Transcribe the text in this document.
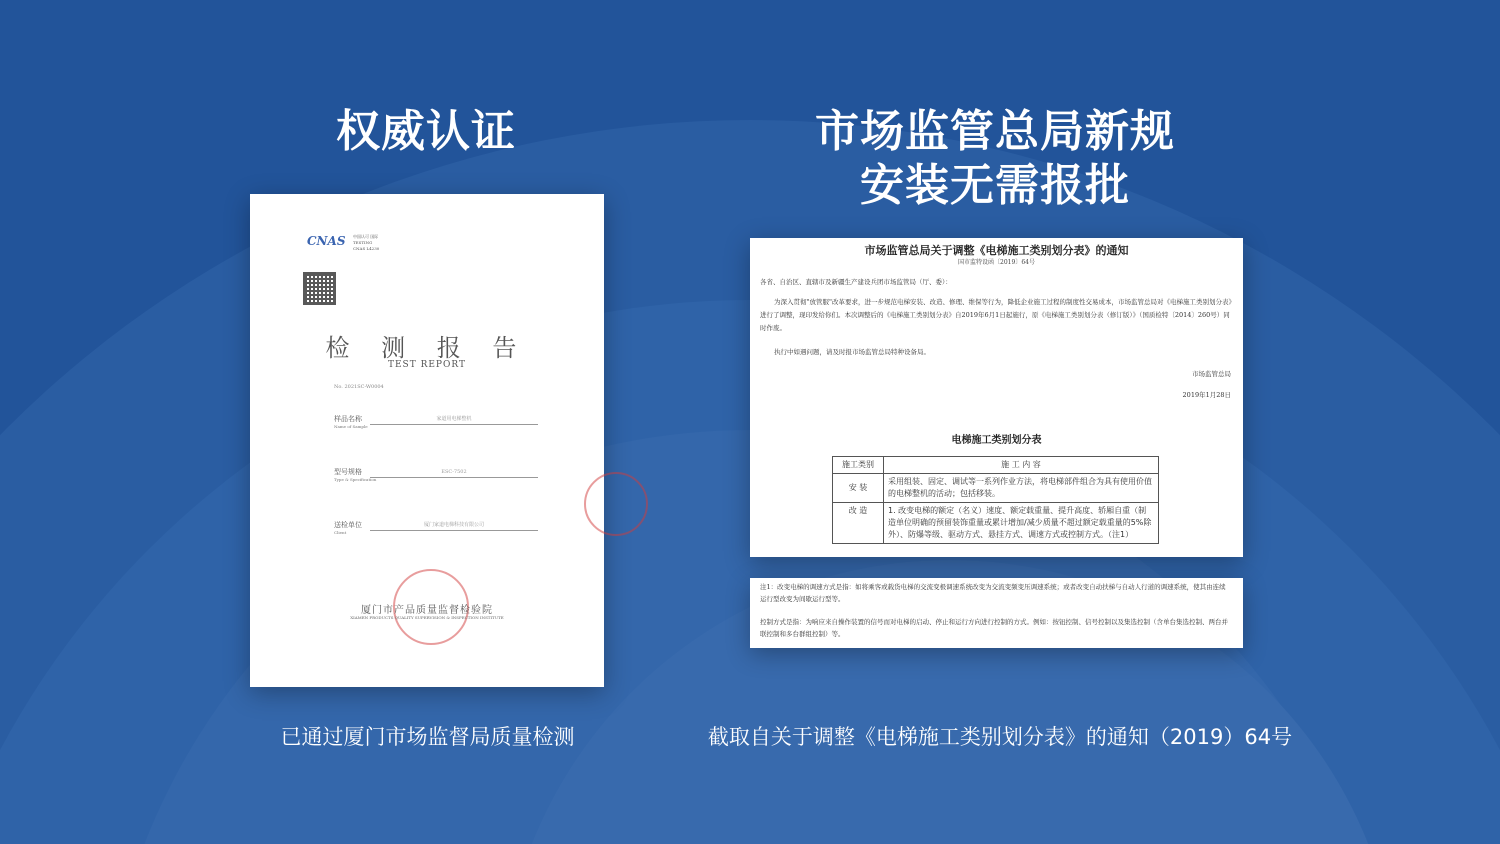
权威认证	市场监管总局新规
安装无需报批
CNAS 中国认可 国际 TESTING CNAS L4230
检 测 报 告
TEST REPORT
No. 2021SC-W0004
样品名称
Name of Sample
家道用电梯整机
型号规格
Type & Specification
ESC-7502
送检单位
Client
厦门家道电梯科技有限公司
厦门市产品质量监督检验院
XIAMEN PRODUCTS QUALITY SUPERVISION & INSPECTION INSTITUTE
市场监管总局关于调整《电梯施工类别划分表》的通知
国市监特设函〔2019〕64号
各省、自治区、直辖市及新疆生产建设兵团市场监管局（厅、委）：
为深入贯彻"放管服"改革要求，进一步规范电梯安装、改造、修理、维保等行为，降低企业施工过程的制度性交易成本，市场监管总局对《电梯施工类别划分表》进行了调整，现印发给你们。本次调整后的《电梯施工类别划分表》自2019年6月1日起施行，原《电梯施工类别划分表（修订版）》（国质检特〔2014〕260号）同时作废。
执行中如遇问题，请及时报市场监管总局特种设备局。
市场监管总局
2019年1月28日
电梯施工类别划分表
施工类别	施 工 内 容
安 装	采用组装、固定、调试等一系列作业方法，将电梯部件组合为具有使用价值的电梯整机的活动；包括移装。
改 造	1. 改变电梯的额定（名义）速度、额定载重量、提升高度、轿厢自重（制造单位明确的预留装饰重量或累计增加/减少质量不超过额定载重量的5%除外）、防爆等级、驱动方式、悬挂方式、调速方式或控制方式。（注1）
注1：改变电梯的调速方式是指：如将乘客或载货电梯的交流变极调速系统改变为交流变频变压调速系统；或者改变自动扶梯与自动人行道的调速系统，使其由连续运行型改变为间歇运行型等。
控制方式是指：为响应来自操作装置的信号而对电梯的启动、停止和运行方向进行控制的方式。例如：按钮控制、信号控制以及集选控制（含单台集选控制、两台并联控制和多台群组控制）等。
已通过厦门市场监督局质量检测	截取自关于调整《电梯施工类别划分表》的通知（2019）64号
